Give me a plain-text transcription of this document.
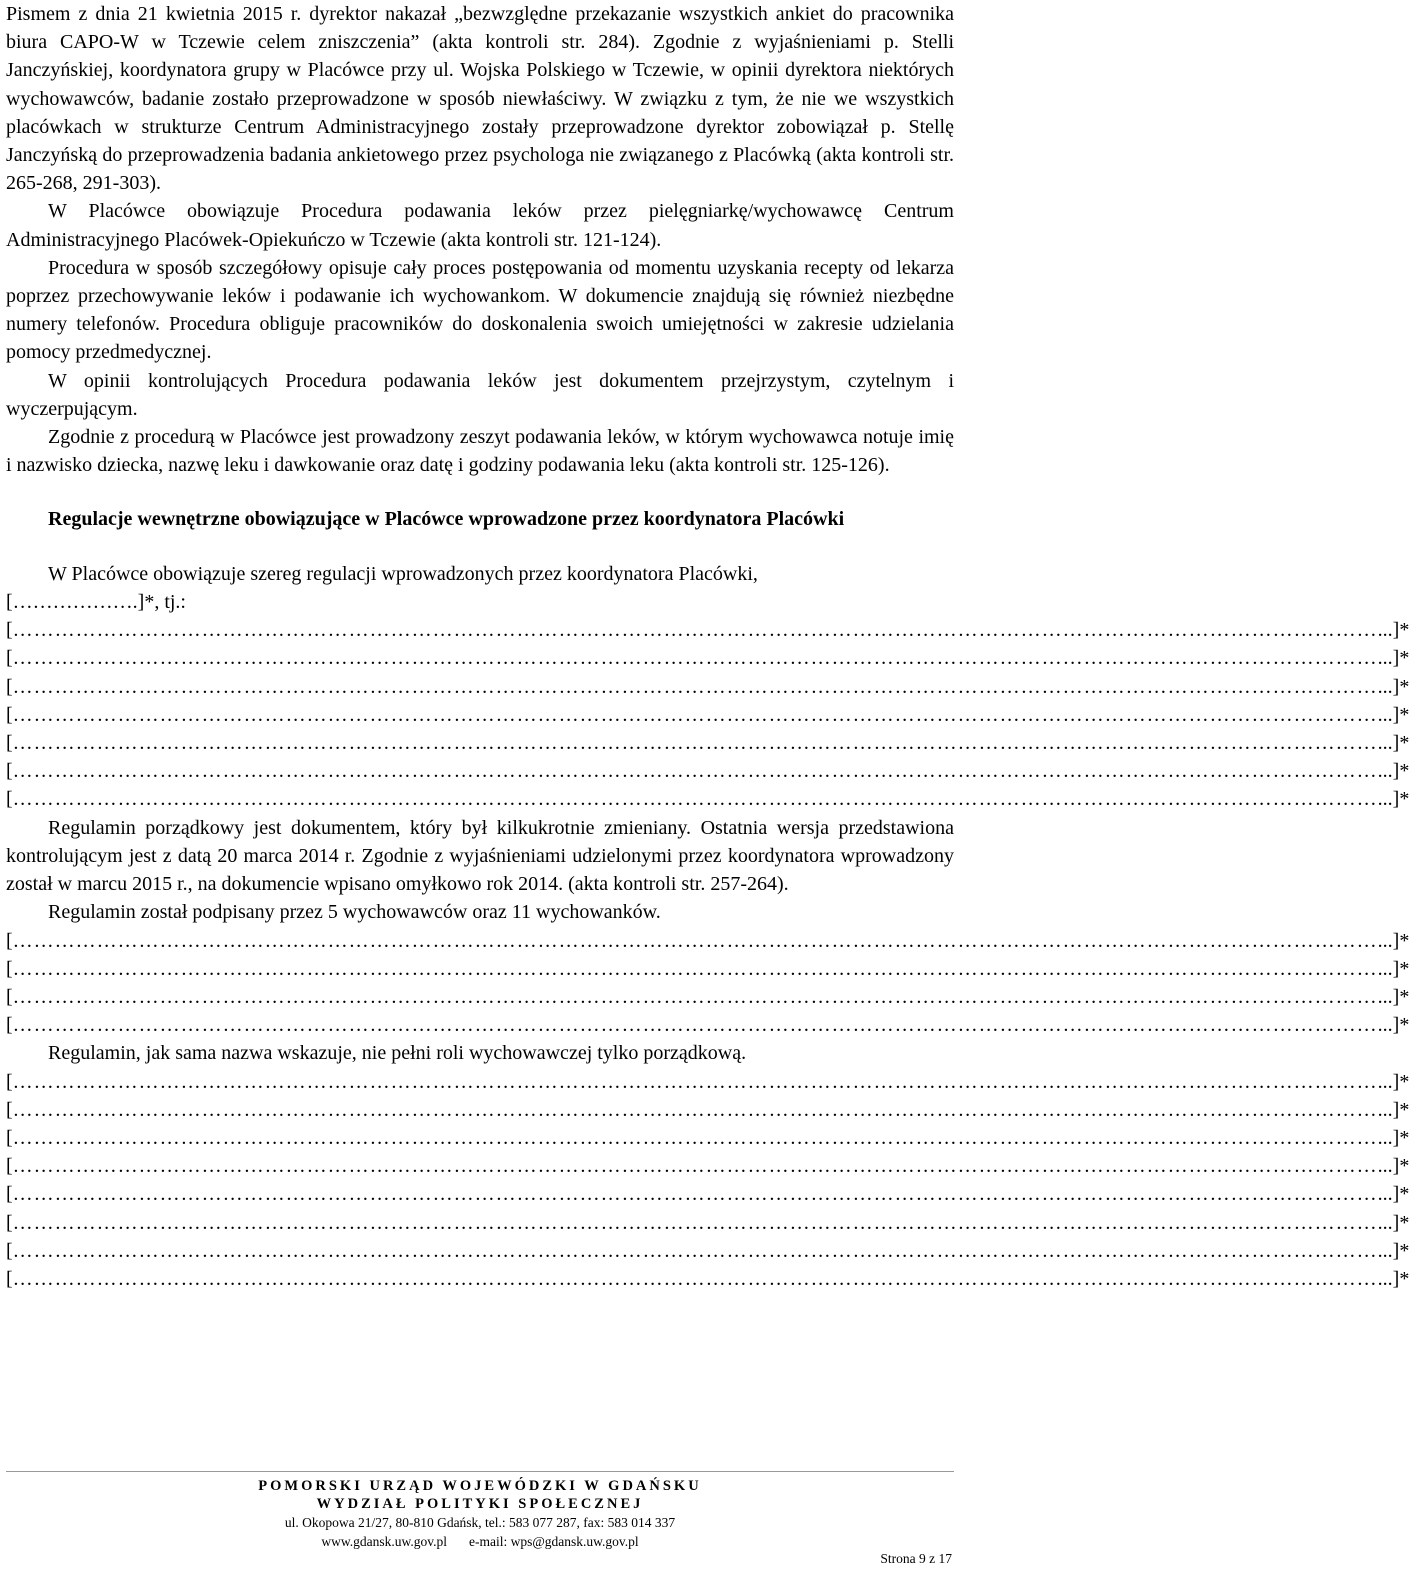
Pismem z dnia 21 kwietnia 2015 r. dyrektor nakazał „bezwzględne przekazanie wszystkich ankiet do pracownika biura CAPO-W w Tczewie celem zniszczenia” (akta kontroli str. 284). Zgodnie z wyjaśnieniami p. Stelli Janczyńskiej, koordynatora grupy w Placówce przy ul. Wojska Polskiego w Tczewie, w opinii dyrektora niektórych wychowawców, badanie zostało przeprowadzone w sposób niewłaściwy. W związku z tym, że nie we wszystkich placówkach w strukturze Centrum Administracyjnego zostały przeprowadzone dyrektor zobowiązał p. Stellę Janczyńską do przeprowadzenia badania ankietowego przez psychologa nie związanego z Placówką (akta kontroli str. 265-268, 291-303).

W Placówce obowiązuje Procedura podawania leków przez pielęgniarkę/wychowawcę Centrum Administracyjnego Placówek-Opiekuńczo w Tczewie (akta kontroli str. 121-124).

Procedura w sposób szczegółowy opisuje cały proces postępowania od momentu uzyskania recepty od lekarza poprzez przechowywanie leków i podawanie ich wychowankom. W dokumencie znajdują się również niezbędne numery telefonów. Procedura obliguje pracowników do doskonalenia swoich umiejętności w zakresie udzielania pomocy przedmedycznej.

W opinii kontrolujących Procedura podawania leków jest dokumentem przejrzystym, czytelnym i wyczerpującym.

Zgodnie z procedurą w Placówce jest prowadzony zeszyt podawania leków, w którym wychowawca notuje imię i nazwisko dziecka, nazwę leku i dawkowanie oraz datę i godziny podawania leku (akta kontroli str. 125-126).

Regulacje wewnętrzne obowiązujące w Placówce wprowadzone przez koordynatora Placówki

W Placówce obowiązuje szereg regulacji wprowadzonych przez koordynatora Placówki,

[……………….]*, tj.:

[ …………………………………………………………………………………………………………………………………………………………………………… ...]*
[ …………………………………………………………………………………………………………………………………………………………………………… ...]*
[ …………………………………………………………………………………………………………………………………………………………………………… ...]*
[ …………………………………………………………………………………………………………………………………………………………………………… ...]*
[ …………………………………………………………………………………………………………………………………………………………………………… ...]*
[ …………………………………………………………………………………………………………………………………………………………………………… ...]*
[ …………………………………………………………………………………………………………………………………………………………………………… ...]*

Regulamin porządkowy jest dokumentem, który był kilkukrotnie zmieniany. Ostatnia wersja przedstawiona kontrolującym jest z datą 20 marca 2014 r. Zgodnie z wyjaśnieniami udzielonymi przez koordynatora wprowadzony został w marcu 2015 r., na dokumencie wpisano omyłkowo rok 2014. (akta kontroli str. 257-264).

Regulamin został podpisany przez 5 wychowawców oraz 11 wychowanków.

[ …………………………………………………………………………………………………………………………………………………………………………… ...]*
[ …………………………………………………………………………………………………………………………………………………………………………… ...]*
[ …………………………………………………………………………………………………………………………………………………………………………… ...]*
[ …………………………………………………………………………………………………………………………………………………………………………… ...]*

Regulamin, jak sama nazwa wskazuje, nie pełni roli wychowawczej tylko porządkową.

[ …………………………………………………………………………………………………………………………………………………………………………… ...]*
[ …………………………………………………………………………………………………………………………………………………………………………… ...]*
[ …………………………………………………………………………………………………………………………………………………………………………… ...]*
[ …………………………………………………………………………………………………………………………………………………………………………… ...]*
[ …………………………………………………………………………………………………………………………………………………………………………… ...]*
[ …………………………………………………………………………………………………………………………………………………………………………… ...]*
[ …………………………………………………………………………………………………………………………………………………………………………… ...]*
[ …………………………………………………………………………………………………………………………………………………………………………… ...]*
POMORSKI URZĄD WOJEWÓDZKI W GDAŃSKU
WYDZIAŁ POLITYKI SPOŁECZNEJ
ul. Okopowa 21/27, 80-810 Gdańsk, tel.: 583 077 287, fax: 583 014 337
www.gdansk.uw.gov.pl e-mail: wps@gdansk.uw.gov.pl
Strona 9 z 17
